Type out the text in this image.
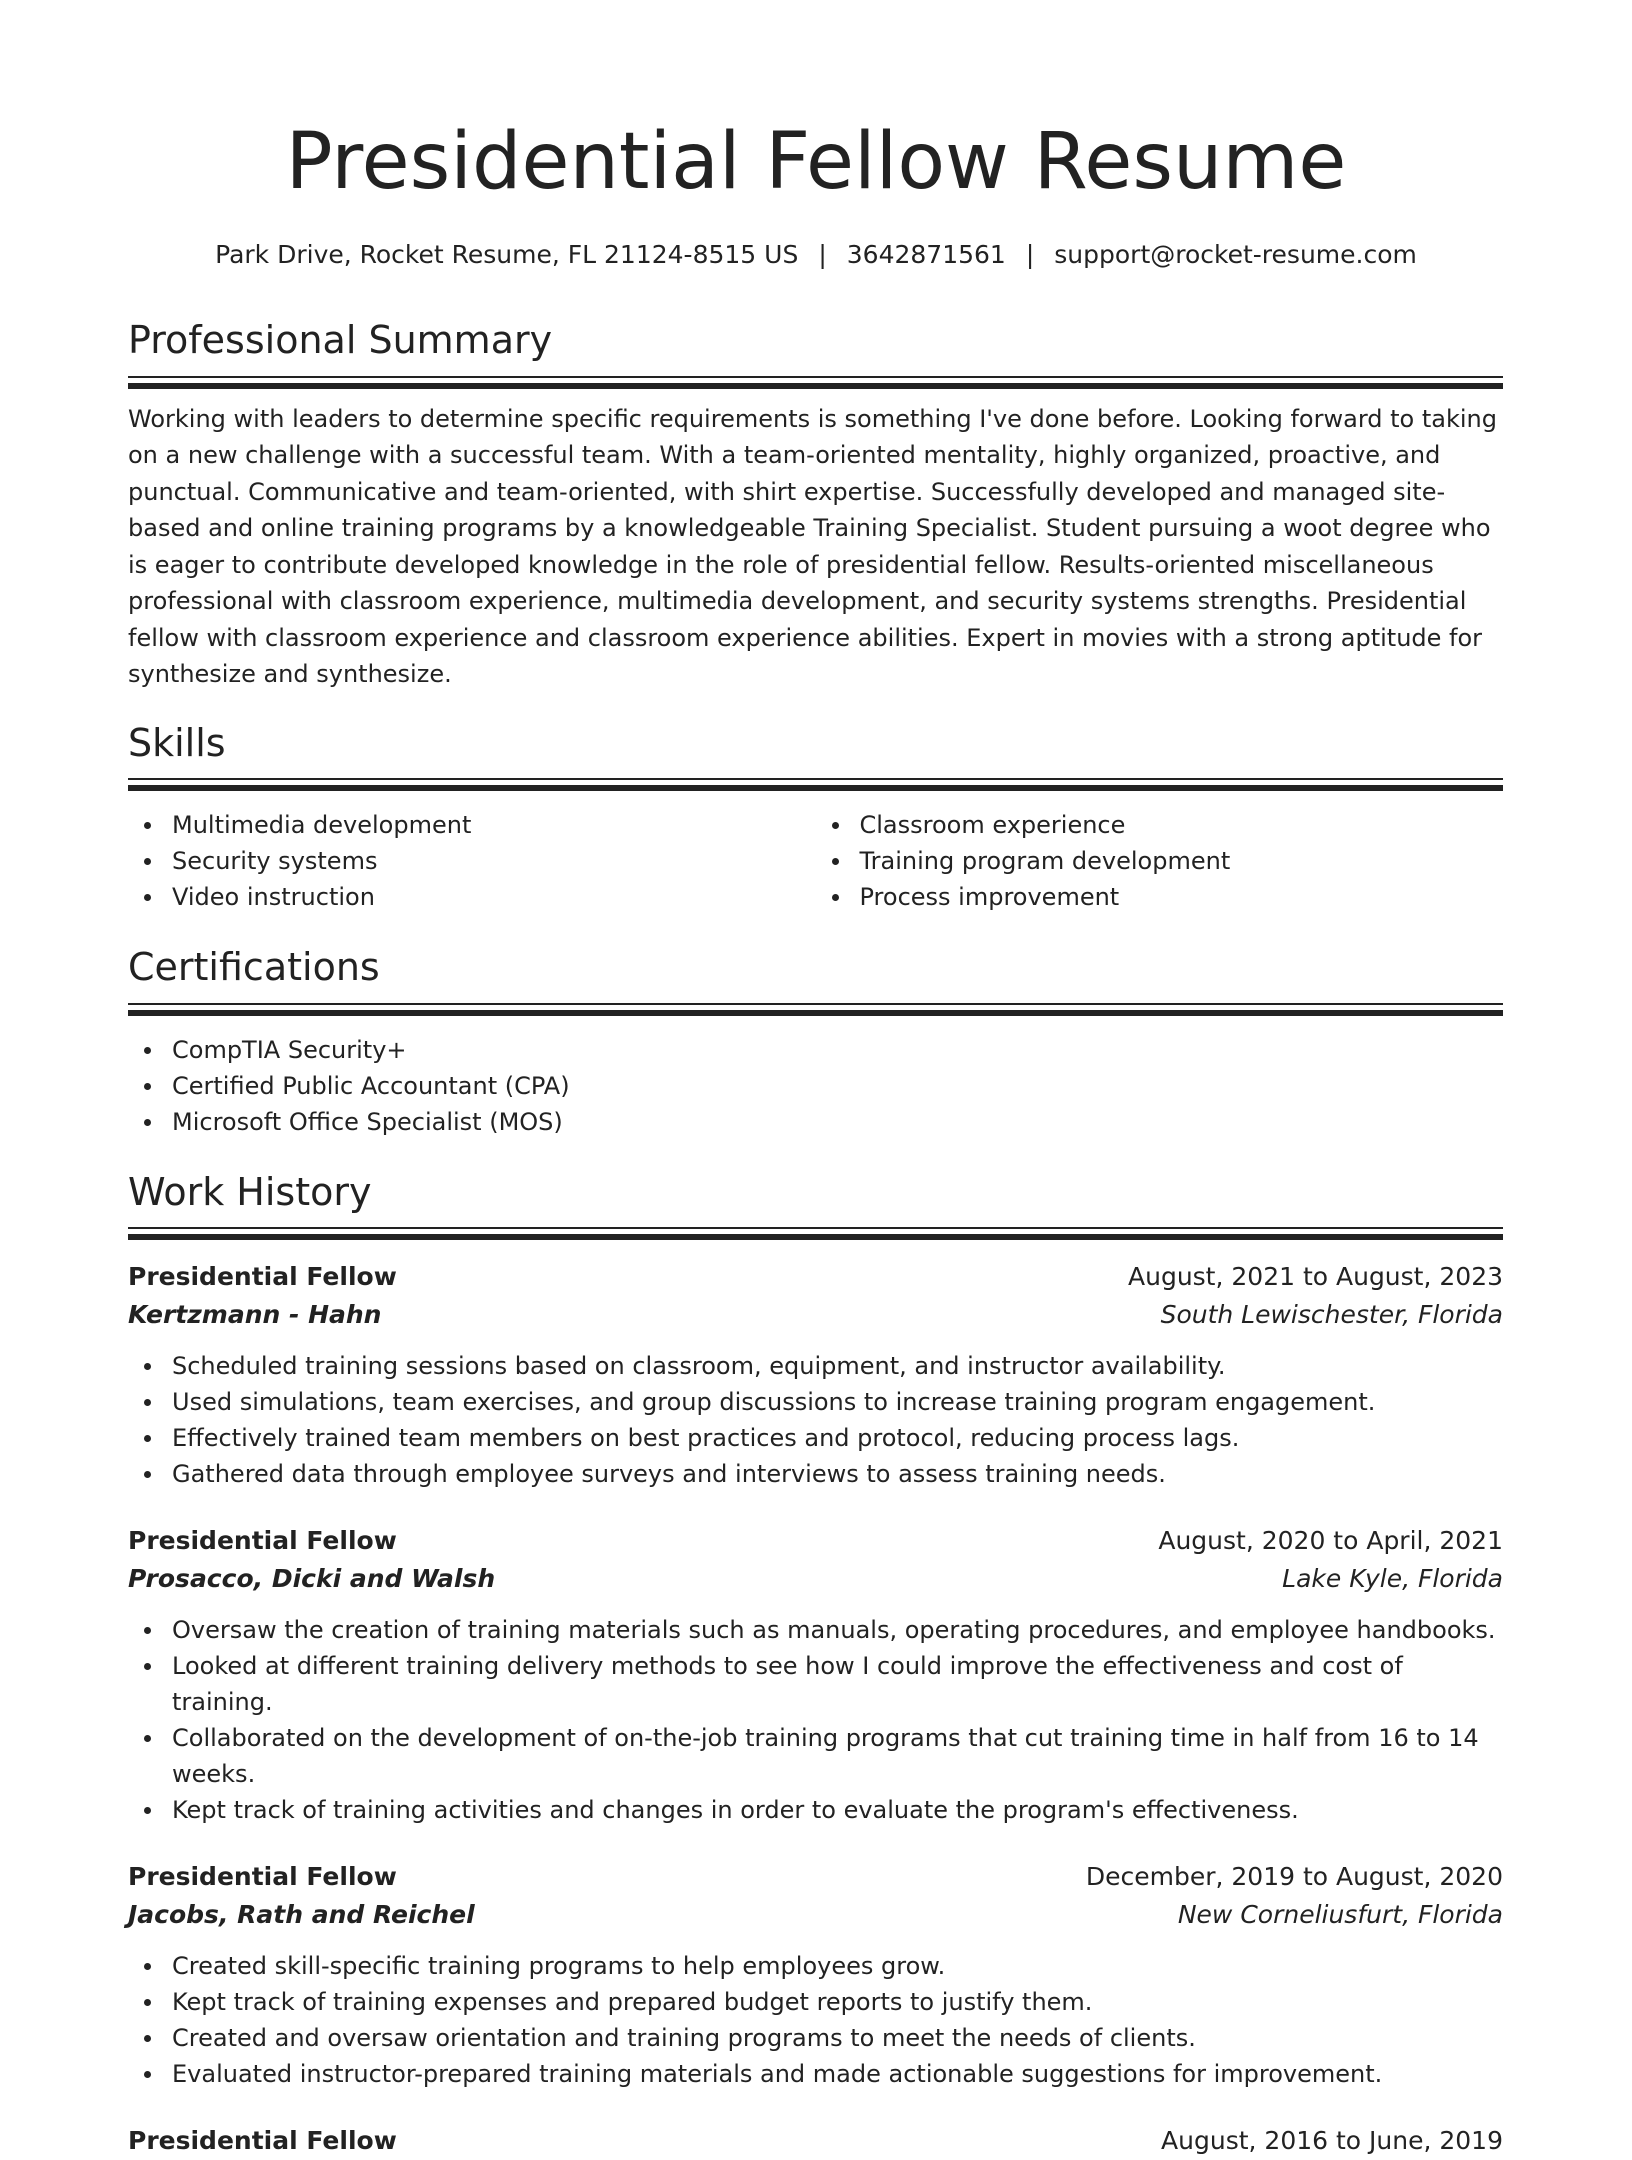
Presidential Fellow Resume
Park Drive, Rocket Resume, FL 21124-8515 US | 3642871561 | support@rocket-resume.com
Professional Summary

Working with leaders to determine specific requirements is something I've done before. Looking forward to taking on a new challenge with a successful team. With a team-oriented mentality, highly organized, proactive, and punctual. Communicative and team-oriented, with shirt expertise. Successfully developed and managed site-based and online training programs by a knowledgeable Training Specialist. Student pursuing a woot degree who is eager to contribute developed knowledge in the role of presidential fellow. Results-oriented miscellaneous professional with classroom experience, multimedia development, and security systems strengths. Presidential fellow with classroom experience and classroom experience abilities. Expert in movies with a strong aptitude for synthesize and synthesize.

Skills
Multimedia development
Security systems
Video instruction
Classroom experience
Training program development
Process improvement
Certifications
CompTIA Security+
Certified Public Accountant (CPA)
Microsoft Office Specialist (MOS)
Work History
Presidential Fellow	August, 2021 to August, 2023
Kertzmann - Hahn	South Lewischester, Florida
Scheduled training sessions based on classroom, equipment, and instructor availability.
Used simulations, team exercises, and group discussions to increase training program engagement.
Effectively trained team members on best practices and protocol, reducing process lags.
Gathered data through employee surveys and interviews to assess training needs.
Presidential Fellow	August, 2020 to April, 2021
Prosacco, Dicki and Walsh	Lake Kyle, Florida
Oversaw the creation of training materials such as manuals, operating procedures, and employee handbooks.
Looked at different training delivery methods to see how I could improve the effectiveness and cost of training.
Collaborated on the development of on-the-job training programs that cut training time in half from 16 to 14 weeks.
Kept track of training activities and changes in order to evaluate the program's effectiveness.
Presidential Fellow	December, 2019 to August, 2020
Jacobs, Rath and Reichel	New Corneliusfurt, Florida
Created skill-specific training programs to help employees grow.
Kept track of training expenses and prepared budget reports to justify them.
Created and oversaw orientation and training programs to meet the needs of clients.
Evaluated instructor-prepared training materials and made actionable suggestions for improvement.
Presidential Fellow	August, 2016 to June, 2019
